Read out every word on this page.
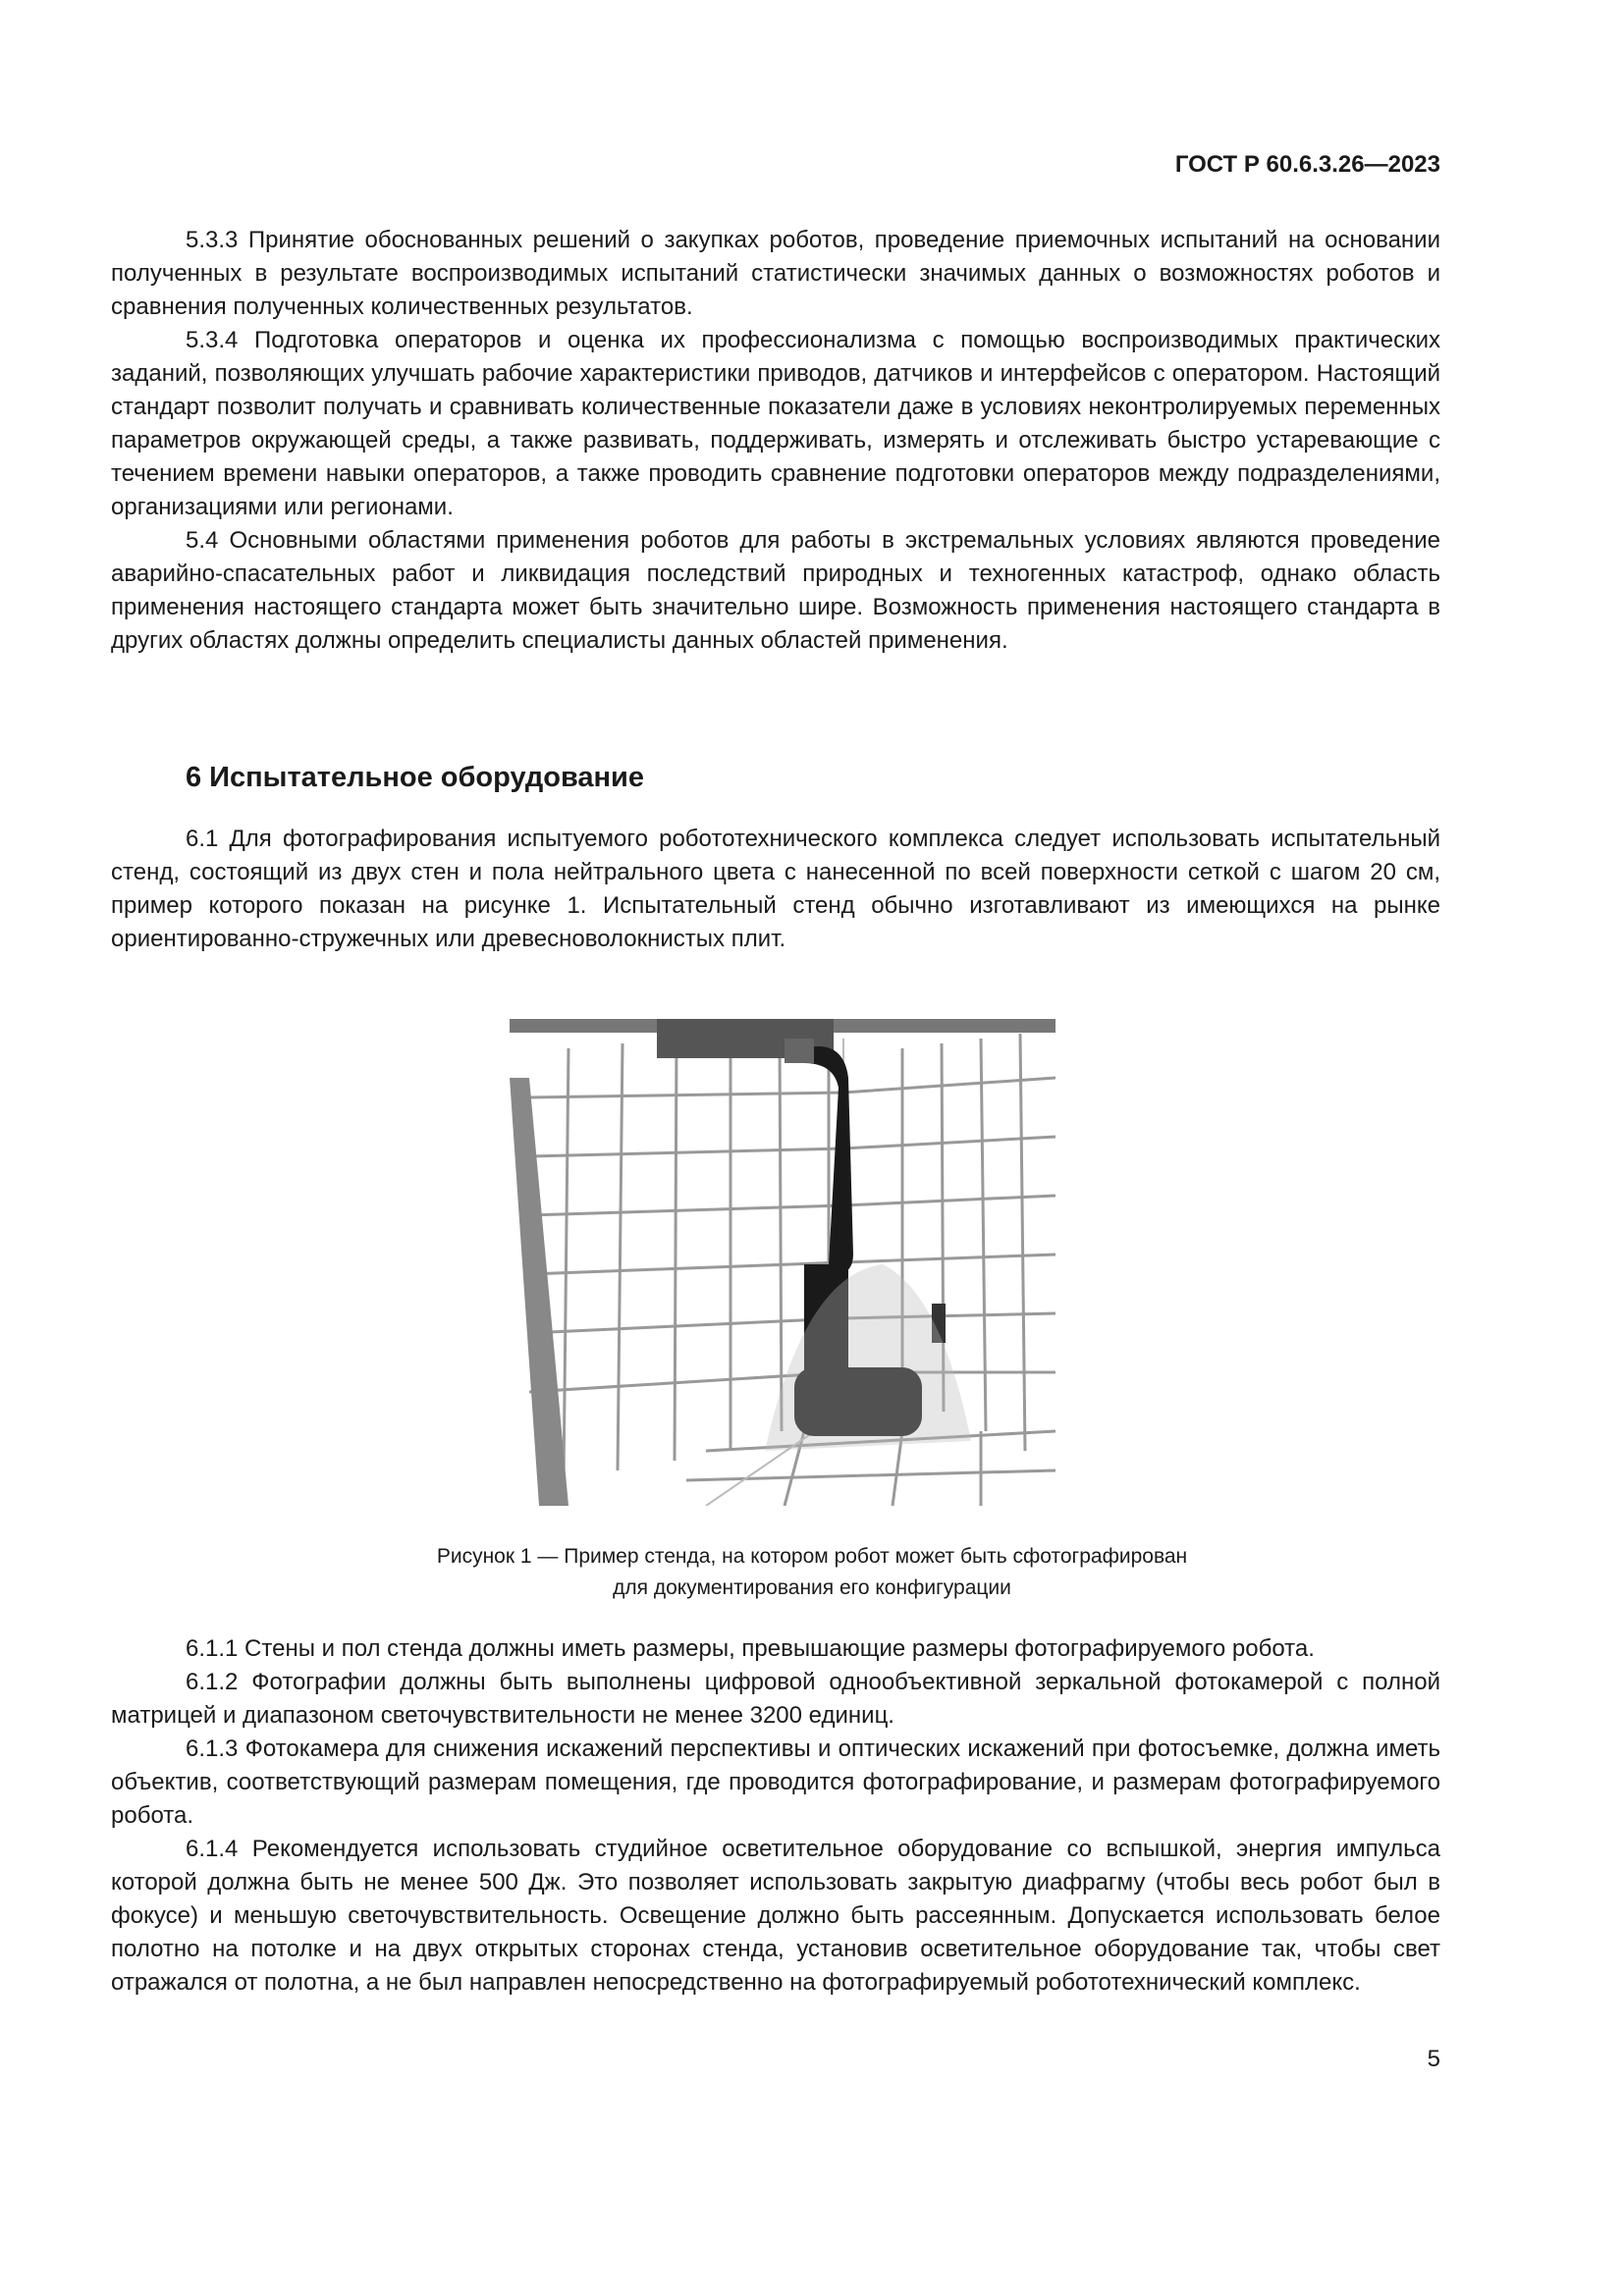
ГОСТ Р 60.6.3.26—2023

5.3.3 Принятие обоснованных решений о закупках роботов, проведение приемочных испытаний на основании полученных в результате воспроизводимых испытаний статистически значимых данных о возможностях роботов и сравнения полученных количественных результатов.

5.3.4 Подготовка операторов и оценка их профессионализма с помощью воспроизводимых практических заданий, позволяющих улучшать рабочие характеристики приводов, датчиков и интерфейсов с оператором. Настоящий стандарт позволит получать и сравнивать количественные показатели даже в условиях неконтролируемых переменных параметров окружающей среды, а также развивать, поддерживать, измерять и отслеживать быстро устаревающие с течением времени навыки операторов, а также проводить сравнение подготовки операторов между подразделениями, организациями или регионами.

5.4 Основными областями применения роботов для работы в экстремальных условиях являются проведение аварийно-спасательных работ и ликвидация последствий природных и техногенных катастроф, однако область применения настоящего стандарта может быть значительно шире. Возможность применения настоящего стандарта в других областях должны определить специалисты данных областей применения.

6 Испытательное оборудование

6.1 Для фотографирования испытуемого робототехнического комплекса следует использовать испытательный стенд, состоящий из двух стен и пола нейтрального цвета с нанесенной по всей поверхности сеткой с шагом 20 см, пример которого показан на рисунке 1. Испытательный стенд обычно изготавливают из имеющихся на рынке ориентированно-стружечных или древесноволокнистых плит.

Рисунок 1 — Пример стенда, на котором робот может быть сфотографирован
для документирования его конфигурации

6.1.1 Стены и пол стенда должны иметь размеры, превышающие размеры фотографируемого робота.

6.1.2 Фотографии должны быть выполнены цифровой однообъективной зеркальной фотокамерой с полной матрицей и диапазоном светочувствительности не менее 3200 единиц.

6.1.3 Фотокамера для снижения искажений перспективы и оптических искажений при фотосъемке, должна иметь объектив, соответствующий размерам помещения, где проводится фотографирование, и размерам фотографируемого робота.

6.1.4 Рекомендуется использовать студийное осветительное оборудование со вспышкой, энергия импульса которой должна быть не менее 500 Дж. Это позволяет использовать закрытую диафрагму (чтобы весь робот был в фокусе) и меньшую светочувствительность. Освещение должно быть рассеянным. Допускается использовать белое полотно на потолке и на двух открытых сторонах стенда, установив осветительное оборудование так, чтобы свет отражался от полотна, а не был направлен непосредственно на фотографируемый робототехнический комплекс.

5
